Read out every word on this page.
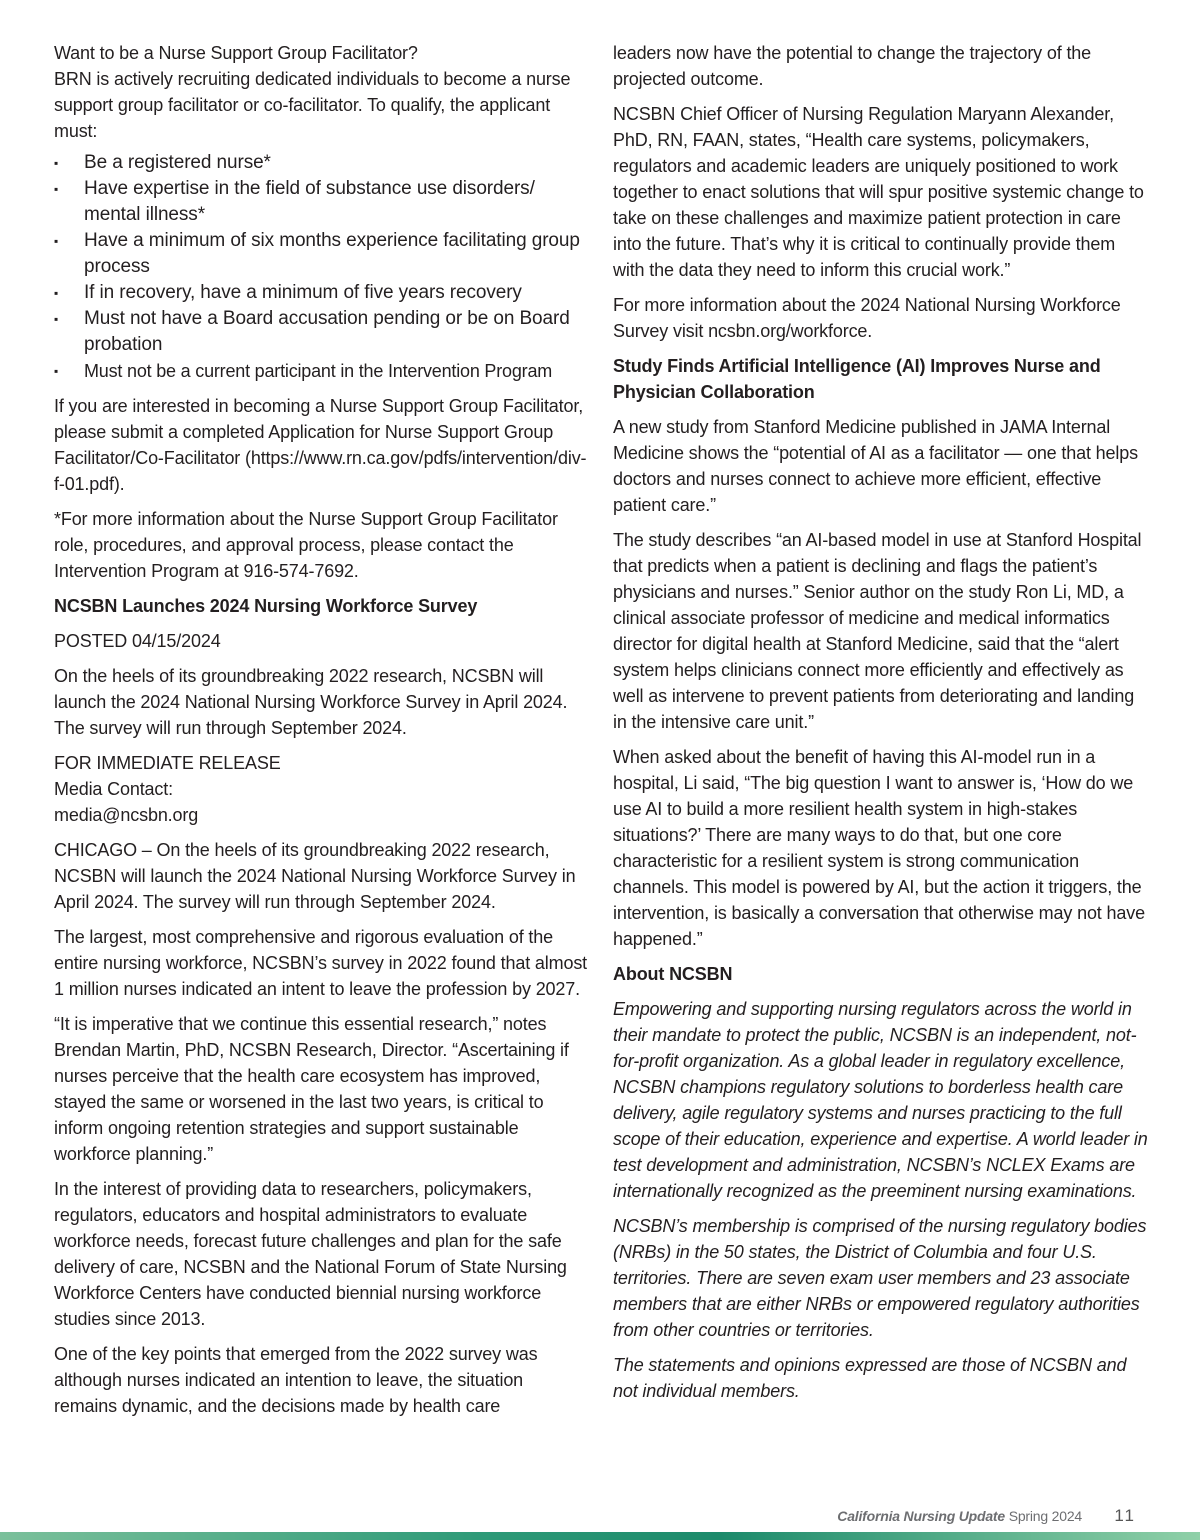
Want to be a Nurse Support Group Facilitator?

BRN is actively recruiting dedicated individuals to become a nurse support group facilitator or co-facilitator. To qualify, the applicant must:

▪ Be a registered nurse*
▪ Have expertise in the field of substance use disorders/ mental illness*
▪ Have a minimum of six months experience facilitating group process
▪ If in recovery, have a minimum of five years recovery
▪ Must not have a Board accusation pending or be on Board probation
▪ Must not be a current participant in the Intervention Program

If you are interested in becoming a Nurse Support Group Facilitator, please submit a completed Application for Nurse Support Group Facilitator/Co-Facilitator (https://www.rn.ca.gov/pdfs/intervention/div-f-01.pdf).

*For more information about the Nurse Support Group Facilitator role, procedures, and approval process, please contact the Intervention Program at 916-574-7692.

NCSBN Launches 2024 Nursing Workforce Survey

POSTED 04/15/2024

On the heels of its groundbreaking 2022 research, NCSBN will launch the 2024 National Nursing Workforce Survey in April 2024. The survey will run through September 2024.

FOR IMMEDIATE RELEASE
Media Contact:
media@ncsbn.org

CHICAGO – On the heels of its groundbreaking 2022 research, NCSBN will launch the 2024 National Nursing Workforce Survey in April 2024. The survey will run through September 2024.

The largest, most comprehensive and rigorous evaluation of the entire nursing workforce, NCSBN’s survey in 2022 found that almost 1 million nurses indicated an intent to leave the profession by 2027.

“It is imperative that we continue this essential research,” notes Brendan Martin, PhD, NCSBN Research, Director. “Ascertaining if nurses perceive that the health care ecosystem has improved, stayed the same or worsened in the last two years, is critical to inform ongoing retention strategies and support sustainable workforce planning.”

In the interest of providing data to researchers, policymakers, regulators, educators and hospital administrators to evaluate workforce needs, forecast future challenges and plan for the safe delivery of care, NCSBN and the National Forum of State Nursing Workforce Centers have conducted biennial nursing workforce studies since 2013.

One of the key points that emerged from the 2022 survey was although nurses indicated an intention to leave, the situation remains dynamic, and the decisions made by health care

leaders now have the potential to change the trajectory of the projected outcome.

NCSBN Chief Officer of Nursing Regulation Maryann Alexander, PhD, RN, FAAN, states, “Health care systems, policymakers, regulators and academic leaders are uniquely positioned to work together to enact solutions that will spur positive systemic change to take on these challenges and maximize patient protection in care into the future. That’s why it is critical to continually provide them with the data they need to inform this crucial work.”

For more information about the 2024 National Nursing Workforce Survey visit ncsbn.org/workforce.

Study Finds Artificial Intelligence (AI) Improves Nurse and Physician Collaboration

A new study from Stanford Medicine published in JAMA Internal Medicine shows the “potential of AI as a facilitator — one that helps doctors and nurses connect to achieve more efficient, effective patient care.”

The study describes “an AI-based model in use at Stanford Hospital that predicts when a patient is declining and flags the patient’s physicians and nurses.” Senior author on the study Ron Li, MD, a clinical associate professor of medicine and medical informatics director for digital health at Stanford Medicine, said that the “alert system helps clinicians connect more efficiently and effectively as well as intervene to prevent patients from deteriorating and landing in the intensive care unit.”

When asked about the benefit of having this AI-model run in a hospital, Li said, “The big question I want to answer is, ‘How do we use AI to build a more resilient health system in high-stakes situations?’ There are many ways to do that, but one core characteristic for a resilient system is strong communication channels. This model is powered by AI, but the action it triggers, the intervention, is basically a conversation that otherwise may not have happened.”

About NCSBN

Empowering and supporting nursing regulators across the world in their mandate to protect the public, NCSBN is an independent, not-for-profit organization. As a global leader in regulatory excellence, NCSBN champions regulatory solutions to borderless health care delivery, agile regulatory systems and nurses practicing to the full scope of their education, experience and expertise. A world leader in test development and administration, NCSBN’s NCLEX Exams are internationally recognized as the preeminent nursing examinations.

NCSBN’s membership is comprised of the nursing regulatory bodies (NRBs) in the 50 states, the District of Columbia and four U.S. territories. There are seven exam user members and 23 associate members that are either NRBs or empowered regulatory authorities from other countries or territories.

The statements and opinions expressed are those of NCSBN and not individual members.

California Nursing Update Spring 2024 11
